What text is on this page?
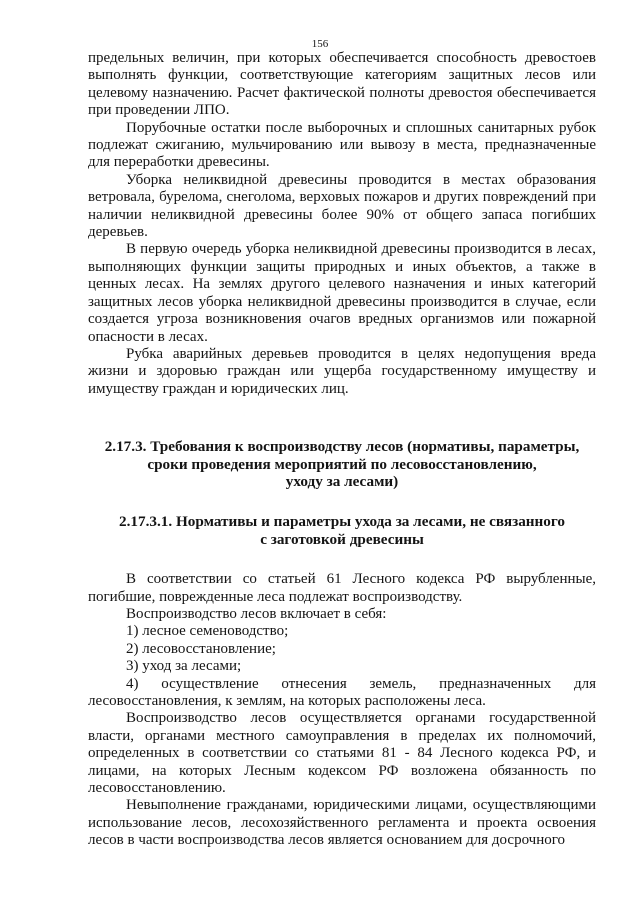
156

предельных величин, при которых обеспечивается способность древостоев выполнять функции, соответствующие категориям защитных лесов или целевому назначению. Расчет фактической полноты древостоя обеспечивается при проведении ЛПО.

Порубочные остатки после выборочных и сплошных санитарных рубок подлежат сжиганию, мульчированию или вывозу в места, предназначенные для переработки древесины.

Уборка неликвидной древесины проводится в местах образования ветровала, бурелома, снеголома, верховых пожаров и других повреждений при наличии неликвидной древесины более 90% от общего запаса погибших деревьев.

В первую очередь уборка неликвидной древесины производится в лесах, выполняющих функции защиты природных и иных объектов, а также в ценных лесах. На землях другого целевого назначения и иных категорий защитных лесов уборка неликвидной древесины производится в случае, если создается угроза возникновения очагов вредных организмов или пожарной опасности в лесах.

Рубка аварийных деревьев проводится в целях недопущения вреда жизни и здоровью граждан или ущерба государственному имуществу и имуществу граждан и юридических лиц.

2.17.3. Требования к воспроизводству лесов (нормативы, параметры,
сроки проведения мероприятий по лесовосстановлению,
уходу за лесами)
2.17.3.1. Нормативы и параметры ухода за лесами, не связанного
с заготовкой древесины

В соответствии со статьей 61 Лесного кодекса РФ вырубленные, погибшие, поврежденные леса подлежат воспроизводству.

Воспроизводство лесов включает в себя:

1) лесное семеноводство;

2) лесовосстановление;

3) уход за лесами;

4) осуществление отнесения земель, предназначенных для лесовосстановления, к землям, на которых расположены леса.

Воспроизводство лесов осуществляется органами государственной власти, органами местного самоуправления в пределах их полномочий, определенных в соответствии со статьями 81 - 84 Лесного кодекса РФ, и лицами, на которых Лесным кодексом РФ возложена обязанность по лесовосстановлению.

Невыполнение гражданами, юридическими лицами, осуществляющими использование лесов, лесохозяйственного регламента и проекта освоения лесов в части воспроизводства лесов является основанием для досрочного
